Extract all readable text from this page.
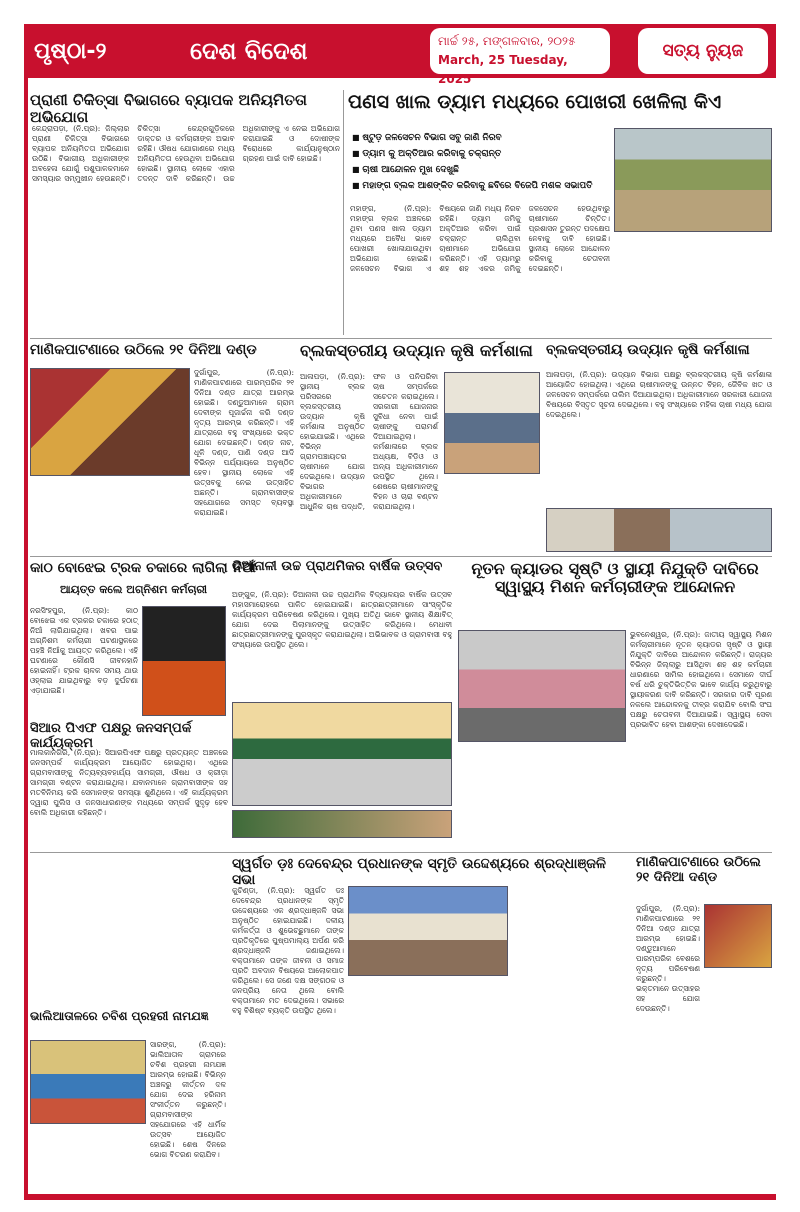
ପୃଷ୍ଠା-୨	ଦେଶ ବିଦେଶ	ମାର୍ଚ୍ଚ ୨୫, ମଙ୍ଗଳବାର, ୨୦୨୫
March, 25 Tuesday, 2025
ସତ୍ୟ ନ୍ୟୁଜ
ପ୍ରାଣୀ ଚିକିତ୍ସା ବିଭାଗରେ ବ୍ୟାପକ ଅନିୟମିତତା ଅଭିଯୋଗ
କେନ୍ଦ୍ରାପଡ଼ା, (ନି.ପ୍ର): ଜିଲ୍ଲାର ପ୍ରାଣୀ ଚିକିତ୍ସା ବିଭାଗରେ ବ୍ୟାପକ ଅନିୟମିତତା ଅଭିଯୋଗ ଉଠିଛି। ବିଭାଗୀୟ ଅଧିକାରୀଙ୍କ ଅବହେଳା ଯୋଗୁଁ ପଶୁପାଳକମାନେ ସମସ୍ୟାର ସମ୍ମୁଖୀନ ହେଉଛନ୍ତି। ଚିକିତ୍ସା କେନ୍ଦ୍ରଗୁଡ଼ିକରେ ଡାକ୍ତର ଓ କର୍ମଚାରୀଙ୍କ ଅଭାବ ରହିଛି। ଔଷଧ ଯୋଗାଣରେ ମଧ୍ୟ ଅନିୟମିତତା ହେଉଥିବା ଅଭିଯୋଗ ହୋଇଛି। ସ୍ଥାନୀୟ ଲୋକେ ଏହାର ତଦନ୍ତ ଦାବି କରିଛନ୍ତି। ଉଚ୍ଚ ଅଧିକାରୀଙ୍କୁ ଏ ନେଇ ଅଭିଯୋଗ କରାଯାଇଛି ଓ ଦୋଷୀଙ୍କ ବିରୋଧରେ କାର୍ଯ୍ୟାନୁଷ୍ଠାନ ଗ୍ରହଣ ପାଇଁ ଦାବି ହୋଇଛି।
ପଣସ ଖାଲ ଡ୍ୟାମ ମଧ୍ୟରେ ପୋଖରୀ ଖେଳିଲା କିଏ
■ ଷ୍ଟୁଡ଼ ଜଳସେଚନ ବିଭାଗ ସବୁ ଜାଣି ନିରବ
■ ଡ୍ୟାମ କୁ ଅକ୍ତିଆର କରିବାକୁ ଚକ୍ରାନ୍ତ
■ ଚାଷୀ ଆନ୍ଦୋଳନ ମୁଖ ଦେଖୁଛି
■ ମହାଙ୍ଗ ବ୍ଲକ ଆଶଙ୍କିତ କରିବାକୁ ଛବିରେ ବିଜେପି ମଶକ ସଭାପତି
ମହାଙ୍ଗ, (ନି.ପ୍ର): ମହାଙ୍ଗ ବ୍ଲକ ଅଞ୍ଚଳରେ ଥିବା ପଣସ ଖାଲ ଡ୍ୟାମ ମଧ୍ୟରେ ଅବୈଧ ଭାବେ ପୋଖରୀ ଖୋଳାଯାଉଥିବା ଅଭିଯୋଗ ହୋଇଛି। ଜଳସେଚନ ବିଭାଗ ଏ ବିଷୟରେ ଜାଣି ମଧ୍ୟ ନିରବ ରହିଛି। ଡ୍ୟାମ ଜମିକୁ ଅକ୍ତିଆର କରିବା ପାଇଁ ଚକ୍ରାନ୍ତ ଚାଲିଥିବା ଚାଷୀମାନେ ଅଭିଯୋଗ କରିଛନ୍ତି। ଏହି ଡ୍ୟାମରୁ ଶହ ଶହ ଏକର ଜମିକୁ ଜଳସେଚନ ହେଉଥିବାରୁ ଚାଷୀମାନେ ଚିନ୍ତିତ। ପ୍ରଶାସନ ତୁରନ୍ତ ପଦକ୍ଷେପ ନେବାକୁ ଦାବି ହୋଇଛି। ସ୍ଥାନୀୟ ଲୋକେ ଆନ୍ଦୋଳନ କରିବାକୁ ଚେତାବନୀ ଦେଇଛନ୍ତି।
ମାଣିକପାଟଣାରେ ଉଠିଲେ ୨୧ ଦିନିଆ ଦଣ୍ଡ
ଦୁର୍ଗାପୁର, (ନି.ପ୍ର): ମାଣିକପାଟଣାରେ ପାରମ୍ପରିକ ୨୧ ଦିନିଆ ଦଣ୍ଡ ଯାତ୍ରା ଆରମ୍ଭ ହୋଇଛି। ଦଣ୍ଡୁଆମାନେ ଗ୍ରାମ ଦେବୀଙ୍କ ପୂଜାର୍ଚ୍ଚନା କରି ଦଣ୍ଡ ନୃତ୍ୟ ଆରମ୍ଭ କରିଛନ୍ତି। ଏହି ଯାତ୍ରାରେ ବହୁ ସଂଖ୍ୟାରେ ଭକ୍ତ ଯୋଗ ଦେଇଛନ୍ତି। ଦଣ୍ଡ ନାଚ, ଧୂଳି ଦଣ୍ଡ, ପାଣି ଦଣ୍ଡ ଆଦି ବିଭିନ୍ନ ପର୍ଯ୍ୟାୟରେ ଅନୁଷ୍ଠିତ ହେବ। ସ୍ଥାନୀୟ ଲୋକେ ଏହି ଉତ୍ସବକୁ ନେଇ ଉତ୍ସାହିତ ଅଛନ୍ତି। ଗ୍ରାମବାସୀଙ୍କ ସହଯୋଗରେ ସମସ୍ତ ବ୍ୟବସ୍ଥା କରାଯାଇଛି।
ବ୍ଲକସ୍ତରୀୟ ଉଦ୍ୟାନ କୃଷି କର୍ମଶାଳା
ଆଳାପଡ଼ା, (ନି.ପ୍ର): ସ୍ଥାନୀୟ ବ୍ଲକ ପରିସରରେ ବ୍ଲକସ୍ତରୀୟ ଉଦ୍ୟାନ କୃଷି କର୍ମଶାଳା ଅନୁଷ୍ଠିତ ହୋଇଯାଇଛି। ଏଥିରେ ବିଭିନ୍ନ ଗ୍ରାମପଞ୍ଚାୟତର ଚାଷୀମାନେ ଯୋଗ ଦେଇଥିଲେ। ଉଦ୍ୟାନ ବିଭାଗର ଅଧିକାରୀମାନେ ଆଧୁନିକ ଚାଷ ପଦ୍ଧତି, ଫଳ ଓ ପନିପରିବା ଚାଷ ସମ୍ପର୍କରେ ସଚେତନ କରାଇଥିଲେ। ସରକାରୀ ଯୋଜନାର ସୁବିଧା ନେବା ପାଇଁ ଚାଷୀଙ୍କୁ ପରାମର୍ଶ ଦିଆଯାଇଥିଲା। କର୍ମଶାଳାରେ ବ୍ଲକ ଅଧ୍ୟକ୍ଷ, ବିଡ଼ିଓ ଓ ଅନ୍ୟ ଅଧିକାରୀମାନେ ଉପସ୍ଥିତ ଥିଲେ। ଶେଷରେ ଚାଷୀମାନଙ୍କୁ ବିହନ ଓ ଚାରା ବଣ୍ଟନ କରାଯାଇଥିଲା।
ବ୍ଲକସ୍ତରୀୟ ଉଦ୍ୟାନ କୃଷି କର୍ମଶାଳା
ଆଳାପଡ଼ା, (ନି.ପ୍ର): ଉଦ୍ୟାନ ବିଭାଗ ପକ୍ଷରୁ ବ୍ଲକସ୍ତରୀୟ କୃଷି କର୍ମଶାଳା ଆୟୋଜିତ ହୋଇଥିଲା। ଏଥିରେ ଚାଷୀମାନଙ୍କୁ ଉନ୍ନତ ବିହନ, ଜୈବିକ ଖତ ଓ ଜଳସେଚନ ସମ୍ପର୍କରେ ତାଲିମ ଦିଆଯାଇଥିଲା। ଅଧିକାରୀମାନେ ସରକାରୀ ଯୋଜନା ବିଷୟରେ ବିସ୍ତୃତ ସୂଚନା ଦେଇଥିଲେ। ବହୁ ସଂଖ୍ୟାରେ ମହିଳା ଚାଷୀ ମଧ୍ୟ ଯୋଗ ଦେଇଥିଲେ।
କାଠ ବୋଝେଇ ଟ୍ରକ ଚକାରେ ଲାଗିଲା ନିଆଁ
ଆୟତ୍ତ କଲେ ଅଗ୍ନିଶମ କର୍ମଚାରୀ
ନରସିଂହପୁର, (ନି.ପ୍ର): କାଠ ବୋଝେଇ ଏକ ଟ୍ରକର ଚକାରେ ହଠାତ୍ ନିଆଁ ଲାଗିଯାଇଥିଲା। ଖବର ପାଇ ଅଗ୍ନିଶମ କର୍ମଚାରୀ ଘଟଣାସ୍ଥଳରେ ପହଞ୍ଚି ନିଆଁକୁ ଆୟତ୍ତ କରିଥିଲେ। ଏହି ଘଟଣାରେ କୌଣସି ଜୀବନହାନି ହୋଇନାହିଁ। ଟ୍ରକ ଚାଳକ ସମୟ ଥାଉ ଓହ୍ଲାଇ ଯାଇଥିବାରୁ ବଡ଼ ଦୁର୍ଘଟଣା ଏଡ଼ାଯାଇଛି।
ଡିଆନାଳୀ ଉଚ୍ଚ ପ୍ରାଥମିକର ବାର୍ଷିକ ଉତ୍ସବ
ଅଙ୍ଗୁଳ, (ନି.ପ୍ର): ଡିଆନାଳୀ ଉଚ୍ଚ ପ୍ରାଥମିକ ବିଦ୍ୟାଳୟର ବାର୍ଷିକ ଉତ୍ସବ ମହାସମାରୋହରେ ପାଳିତ ହୋଇଯାଇଛି। ଛାତ୍ରଛାତ୍ରୀମାନେ ସାଂସ୍କୃତିକ କାର୍ଯ୍ୟକ୍ରମ ପରିବେଷଣ କରିଥିଲେ। ମୁଖ୍ୟ ଅତିଥି ଭାବେ ସ୍ଥାନୀୟ ଶିକ୍ଷାବିତ୍ ଯୋଗ ଦେଇ ପିଲାମାନଙ୍କୁ ଉତ୍ସାହିତ କରିଥିଲେ। ମେଧାବୀ ଛାତ୍ରଛାତ୍ରୀମାନଙ୍କୁ ପୁରସ୍କୃତ କରାଯାଇଥିଲା। ଅଭିଭାବକ ଓ ଗ୍ରାମବାସୀ ବହୁ ସଂଖ୍ୟାରେ ଉପସ୍ଥିତ ଥିଲେ।
ନୂତନ କ୍ୟାଡର ସୃଷ୍ଟି ଓ ସ୍ଥାୟୀ ନିଯୁକ୍ତି ଦାବିରେ ସ୍ୱାସ୍ଥ୍ୟ ମିଶନ କର୍ମଚାରୀଙ୍କ ଆନ୍ଦୋଳନ
ଭୁବନେଶ୍ୱର, (ନି.ପ୍ର): ଜାତୀୟ ସ୍ୱାସ୍ଥ୍ୟ ମିଶନ କର୍ମଚାରୀମାନେ ନୂତନ କ୍ୟାଡର ସୃଷ୍ଟି ଓ ସ୍ଥାୟୀ ନିଯୁକ୍ତି ଦାବିରେ ଆନ୍ଦୋଳନ କରିଛନ୍ତି। ରାଜ୍ୟର ବିଭିନ୍ନ ଜିଲ୍ଲାରୁ ଆସିଥିବା ଶହ ଶହ କର୍ମଚାରୀ ଧାରଣାରେ ସାମିଲ ହୋଇଥିଲେ। ସେମାନେ ଦୀର୍ଘ ବର୍ଷ ଧରି ଚୁକ୍ତିଭିତ୍ତିକ ଭାବେ କାର୍ଯ୍ୟ କରୁଥିବାରୁ ସ୍ଥାୟୀକରଣ ଦାବି କରିଛନ୍ତି। ସରକାର ଦାବି ପୂରଣ ନକଲେ ଆନ୍ଦୋଳନକୁ ତୀବ୍ର କରାଯିବ ବୋଲି ସଂଘ ପକ୍ଷରୁ ଚେତାବନୀ ଦିଆଯାଇଛି। ସ୍ୱାସ୍ଥ୍ୟ ସେବା ପ୍ରଭାବିତ ହେବା ଆଶଙ୍କା ଦେଖାଦେଇଛି।
ସିଆର ପିଏଫ ପକ୍ଷରୁ ଜନସମ୍ପର୍କ କାର୍ଯ୍ୟକ୍ରମ
ମାଲକାନଗିରି, (ନି.ପ୍ର): ସିଆରପିଏଫ ପକ୍ଷରୁ ପ୍ରତ୍ୟନ୍ତ ଅଞ୍ଚଳରେ ଜନସମ୍ପର୍କ କାର୍ଯ୍ୟକ୍ରମ ଆୟୋଜିତ ହୋଇଥିଲା। ଏଥିରେ ଗ୍ରାମବାସୀଙ୍କୁ ନିତ୍ୟବ୍ୟବହାର୍ଯ୍ୟ ସାମଗ୍ରୀ, ଔଷଧ ଓ କ୍ରୀଡ଼ା ସାମଗ୍ରୀ ବଣ୍ଟନ କରାଯାଇଥିଲା। ଯବାନମାନେ ଗ୍ରାମବାସୀଙ୍କ ସହ ମତବିନିମୟ କରି ସେମାନଙ୍କ ସମସ୍ୟା ଶୁଣିଥିଲେ। ଏହି କାର୍ଯ୍ୟକ୍ରମ ଦ୍ୱାରା ପୁଲିସ ଓ ଜନସାଧାରଣଙ୍କ ମଧ୍ୟରେ ସମ୍ପର୍କ ସୁଦୃଢ଼ ହେବ ବୋଲି ଅଧିକାରୀ କହିଛନ୍ତି।
ସ୍ୱର୍ଗତ ଡ଼ଃ ଦେବେନ୍ଦ୍ର ପ୍ରଧାନଙ୍କ ସ୍ମୃତି ଉଦ୍ଦେଶ୍ୟରେ ଶ୍ରଦ୍ଧାଞ୍ଜଳି ସଭା
କୁଚିଣ୍ଡା, (ନି.ପ୍ର): ସ୍ୱର୍ଗତ ଡଃ ଦେବେନ୍ଦ୍ର ପ୍ରଧାନଙ୍କ ସ୍ମୃତି ଉଦ୍ଦେଶ୍ୟରେ ଏକ ଶ୍ରଦ୍ଧାଞ୍ଜଳି ସଭା ଅନୁଷ୍ଠିତ ହୋଇଯାଇଛି। ଦଳୀୟ କର୍ମକର୍ତ୍ତା ଓ ଶୁଭେଚ୍ଛୁମାନେ ତାଙ୍କ ପ୍ରତିକୃତିରେ ପୁଷ୍ପମାଲ୍ୟ ଅର୍ପଣ କରି ଶ୍ରଦ୍ଧାଞ୍ଜଳି ଜଣାଇଥିଲେ। ବକ୍ତାମାନେ ତାଙ୍କ ଜୀବନୀ ଓ ସମାଜ ପ୍ରତି ଅବଦାନ ବିଷୟରେ ଆଲୋକପାତ କରିଥିଲେ। ସେ ଜଣେ ଦକ୍ଷ ସଙ୍ଗଠକ ଓ ଜନପ୍ରିୟ ନେତା ଥିଲେ ବୋଲି ବକ୍ତାମାନେ ମତ ଦେଇଥିଲେ। ସଭାରେ ବହୁ ବିଶିଷ୍ଟ ବ୍ୟକ୍ତି ଉପସ୍ଥିତ ଥିଲେ।
ମାଣିକପାଟଣାରେ ଉଠିଲେ ୨୧ ଦିନିଆ ଦଣ୍ଡ
ଦୁର୍ଗାପୁର, (ନି.ପ୍ର): ମାଣିକପାଟଣାରେ ୨୧ ଦିନିଆ ଦଣ୍ଡ ଯାତ୍ରା ଆରମ୍ଭ ହୋଇଛି। ଦଣ୍ଡୁଆମାନେ ପାରମ୍ପରିକ ବେଶରେ ନୃତ୍ୟ ପରିବେଷଣ କରୁଛନ୍ତି। ଭକ୍ତମାନେ ଉତ୍ସାହର ସହ ଯୋଗ ଦେଉଛନ୍ତି।
ଭାଲିଆତାଳରେ ଚବିଶ ପ୍ରହରୀ ନାମଯଜ୍ଞ
ସାରଙ୍ଗ, (ନି.ପ୍ର): ଭାଲିଆତାଳ ଗ୍ରାମରେ ଚବିଶ ପ୍ରହରୀ ନାମଯଜ୍ଞ ଆରମ୍ଭ ହୋଇଛି। ବିଭିନ୍ନ ଅଞ୍ଚଳରୁ କୀର୍ତ୍ତନ ଦଳ ଯୋଗ ଦେଇ ହରିନାମ ସଂକୀର୍ତ୍ତନ କରୁଛନ୍ତି। ଗ୍ରାମବାସୀଙ୍କ ସହଯୋଗରେ ଏହି ଧାର୍ମିକ ଉତ୍ସବ ଆୟୋଜିତ ହୋଇଛି। ଶେଷ ଦିନରେ ଭୋଗ ବିତରଣ କରାଯିବ।
